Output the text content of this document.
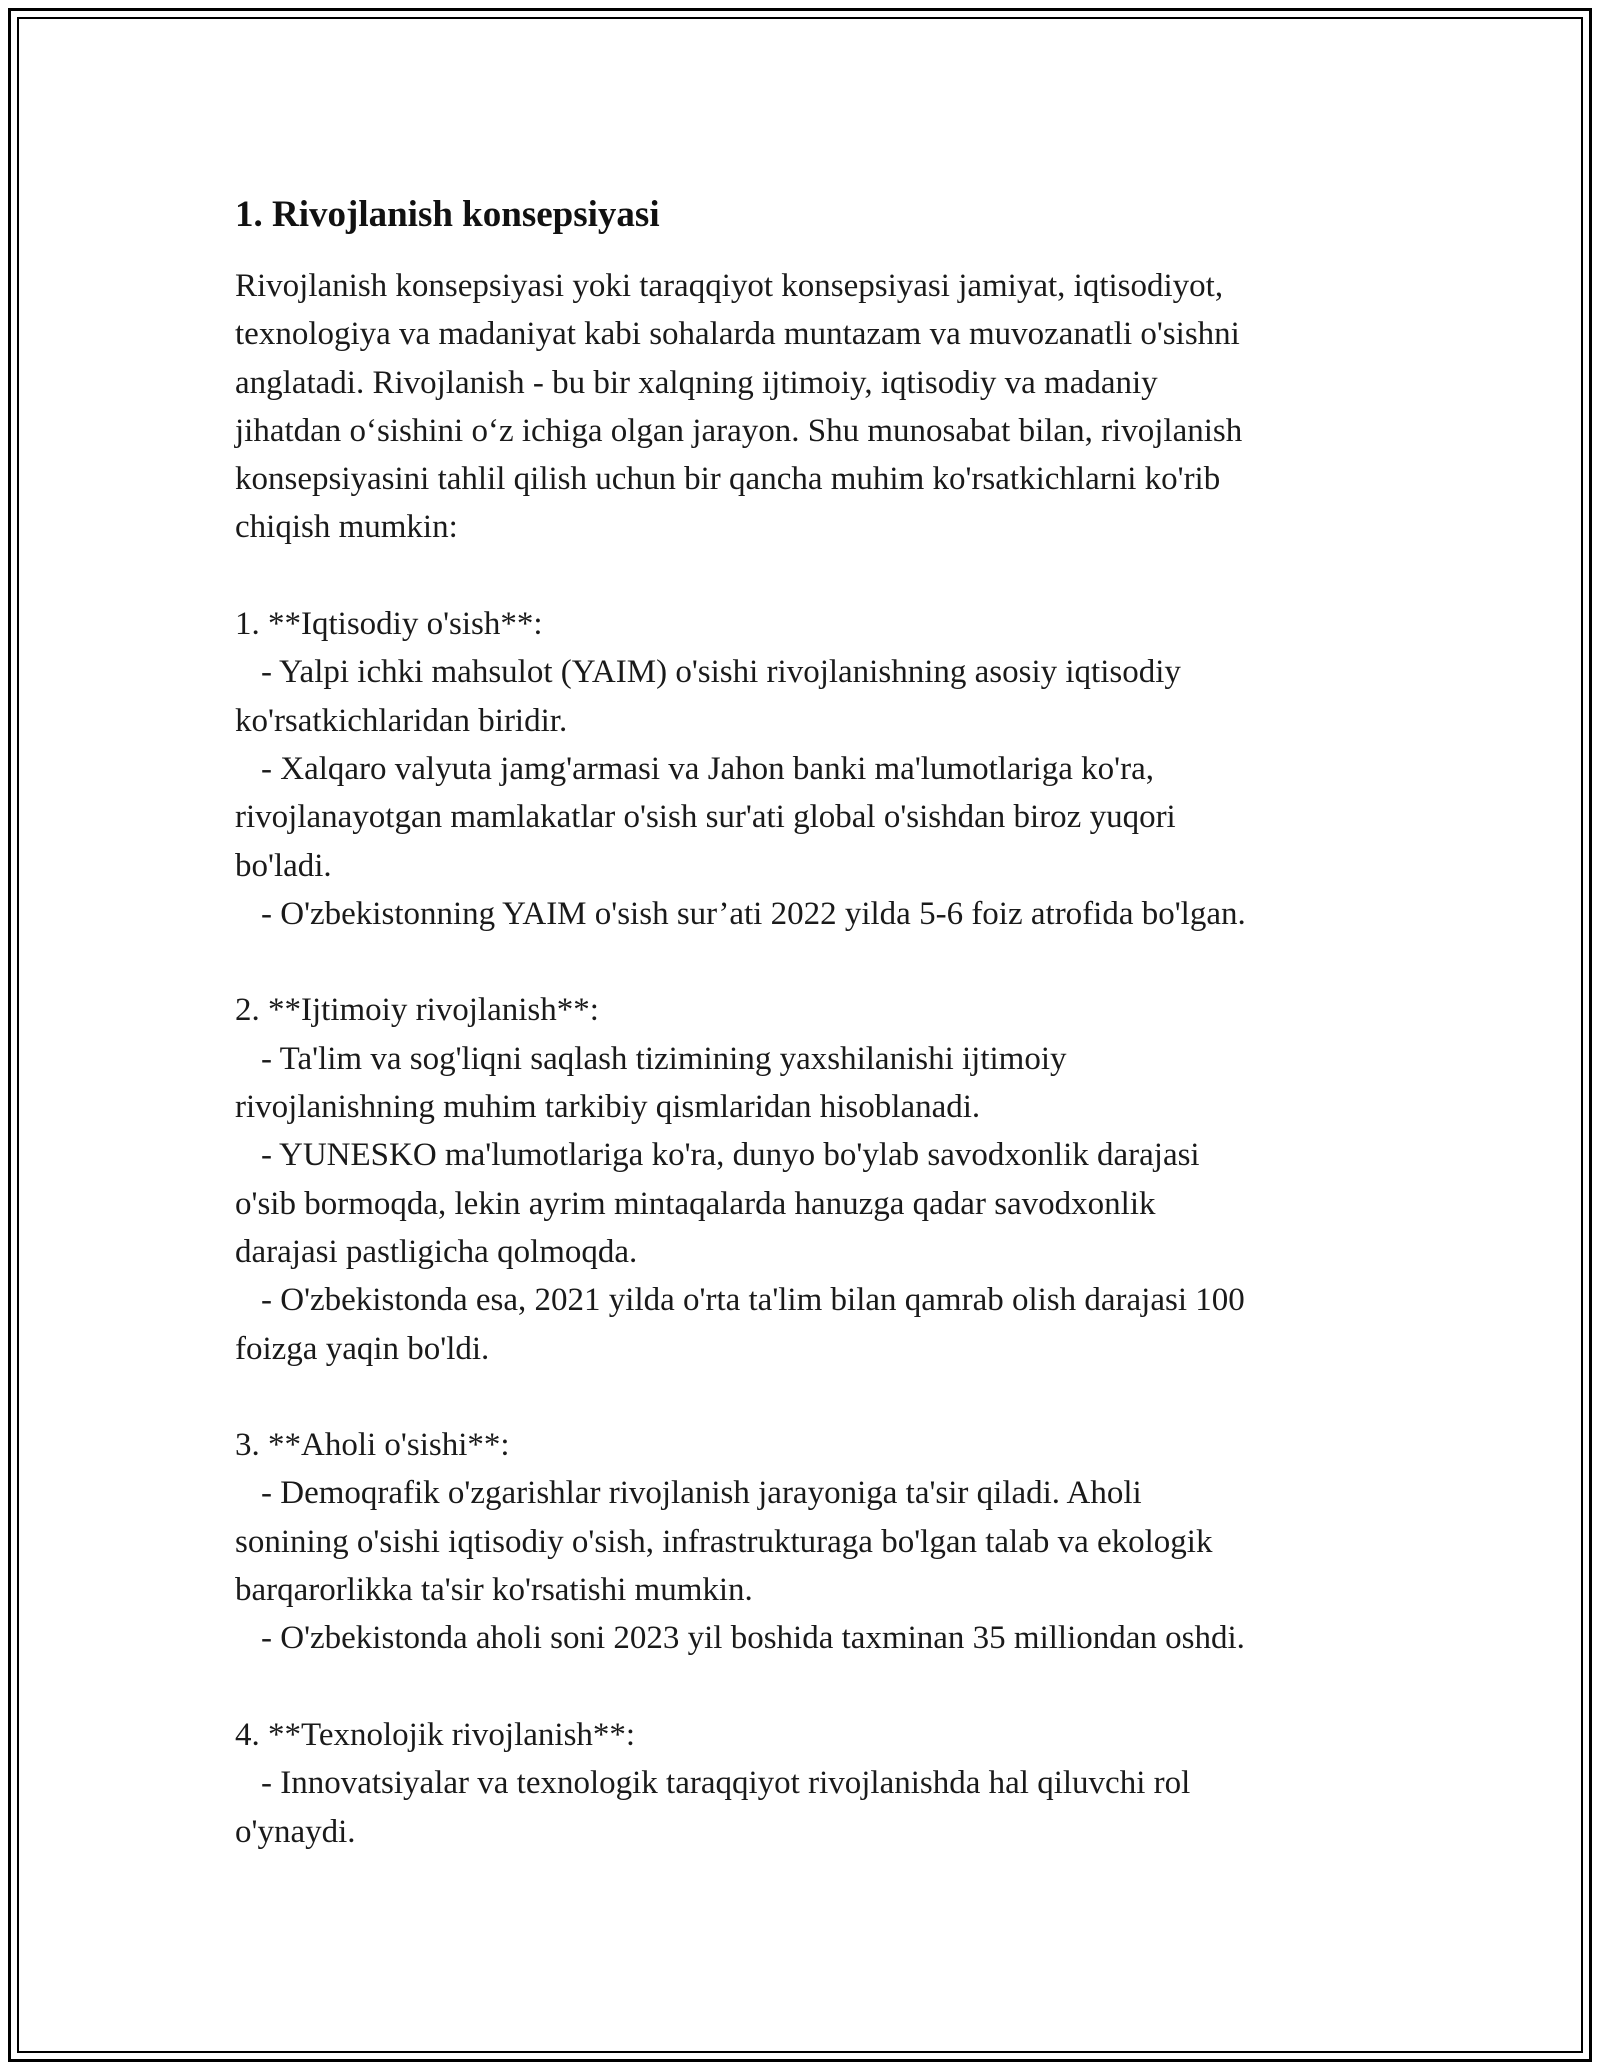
1. Rivojlanish konsepsiyasi
Rivojlanish konsepsiyasi yoki taraqqiyot konsepsiyasi jamiyat, iqtisodiyot,
texnologiya va madaniyat kabi sohalarda muntazam va muvozanatli o'sishni
anglatadi. Rivojlanish - bu bir xalqning ijtimoiy, iqtisodiy va madaniy
jihatdan o‘sishini o‘z ichiga olgan jarayon. Shu munosabat bilan, rivojlanish
konsepsiyasini tahlil qilish uchun bir qancha muhim ko'rsatkichlarni ko'rib
chiqish mumkin:
1. **Iqtisodiy o'sish**:
- Yalpi ichki mahsulot (YAIM) o'sishi rivojlanishning asosiy iqtisodiy
ko'rsatkichlaridan biridir.
- Xalqaro valyuta jamg'armasi va Jahon banki ma'lumotlariga ko'ra,
rivojlanayotgan mamlakatlar o'sish sur'ati global o'sishdan biroz yuqori
bo'ladi.
- O'zbekistonning YAIM o'sish sur’ati 2022 yilda 5-6 foiz atrofida bo'lgan.
2. **Ijtimoiy rivojlanish**:
- Ta'lim va sog'liqni saqlash tizimining yaxshilanishi ijtimoiy
rivojlanishning muhim tarkibiy qismlaridan hisoblanadi.
- YUNESKO ma'lumotlariga ko'ra, dunyo bo'ylab savodxonlik darajasi
o'sib bormoqda, lekin ayrim mintaqalarda hanuzga qadar savodxonlik
darajasi pastligicha qolmoqda.
- O'zbekistonda esa, 2021 yilda o'rta ta'lim bilan qamrab olish darajasi 100
foizga yaqin bo'ldi.
3. **Aholi o'sishi**:
- Demoqrafik o'zgarishlar rivojlanish jarayoniga ta'sir qiladi. Aholi
sonining o'sishi iqtisodiy o'sish, infrastrukturaga bo'lgan talab va ekologik
barqarorlikka ta'sir ko'rsatishi mumkin.
- O'zbekistonda aholi soni 2023 yil boshida taxminan 35 milliondan oshdi.
4. **Texnolojik rivojlanish**:
- Innovatsiyalar va texnologik taraqqiyot rivojlanishda hal qiluvchi rol
o'ynaydi.
